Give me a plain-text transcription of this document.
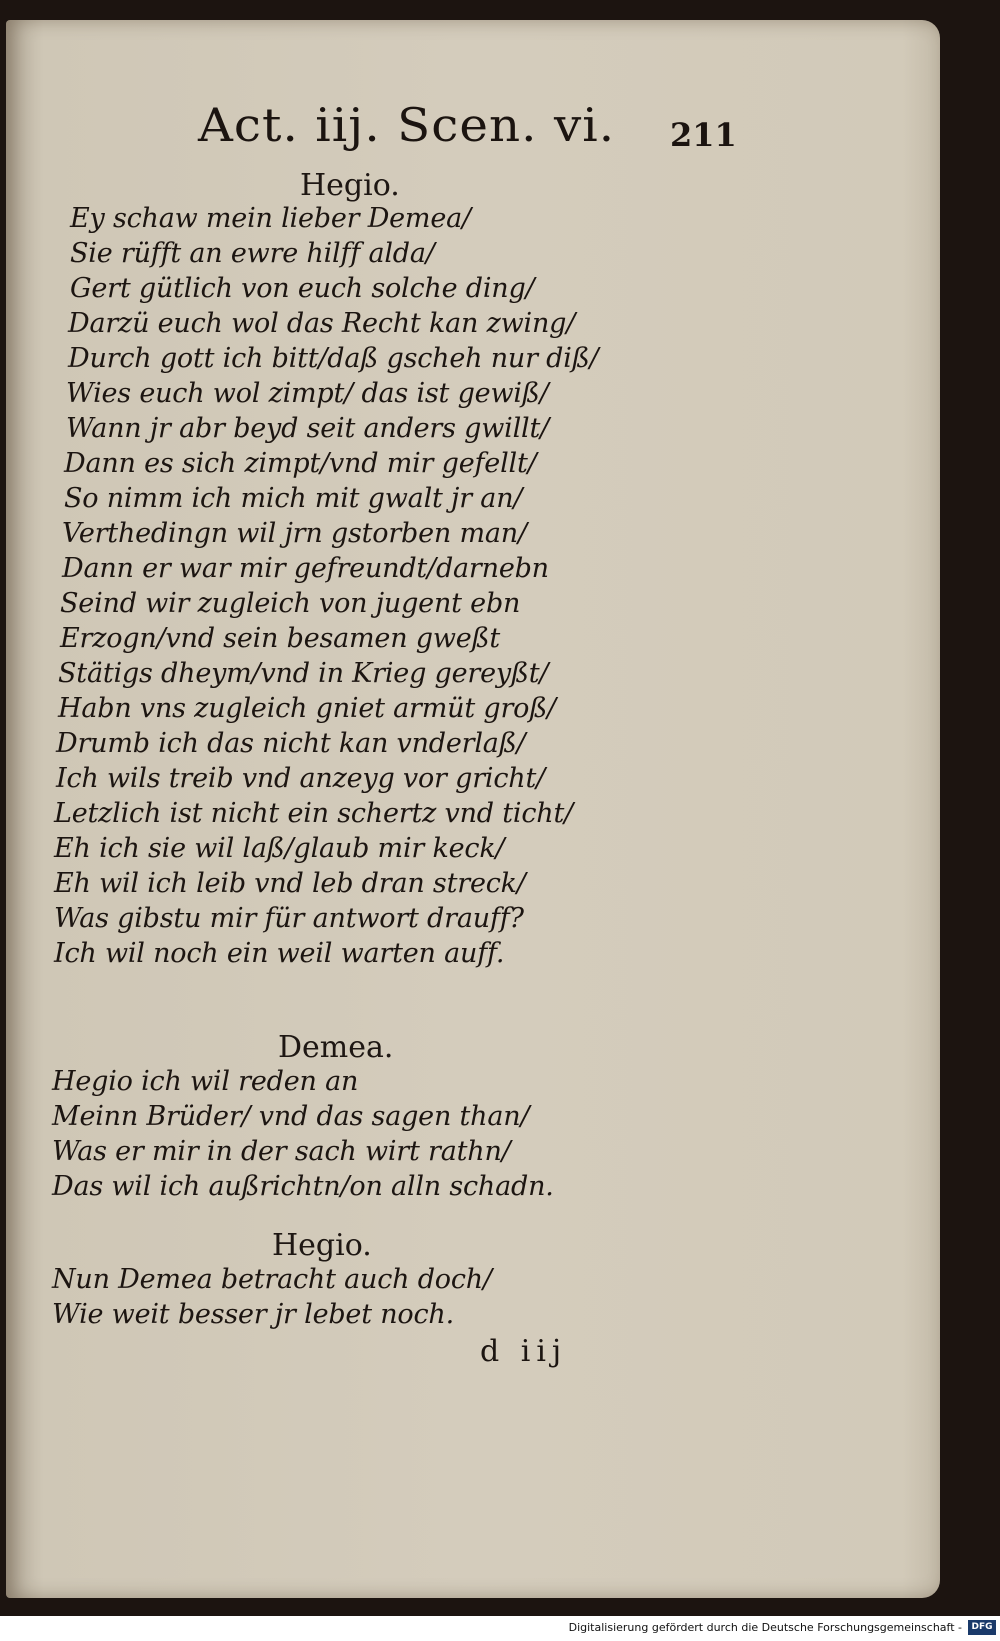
Act. iij. Scen. vi. 211
Hegio.
Ey schaw mein lieber Demea/
Sie rüfft an ewre hilff alda/
Gert gütlich von euch solche ding/
Darzü euch wol das Recht kan zwing/
Durch gott ich bitt/daß gscheh nur diß/
Wies euch wol zimpt/ das ist gewiß/
Wann jr abr beyd seit anders gwillt/
Dann es sich zimpt/vnd mir gefellt/
So nimm ich mich mit gwalt jr an/
Verthedingn wil jrn gstorben man/
Dann er war mir gefreundt/darnebn
Seind wir zugleich von jugent ebn
Erzogn/vnd sein besamen gweßt
Stätigs dheym/vnd in Krieg gereyßt/
Habn vns zugleich gniet armüt groß/
Drumb ich das nicht kan vnderlaß/
Ich wils treib vnd anzeyg vor gricht/
Letzlich ist nicht ein schertz vnd ticht/
Eh ich sie wil laß/glaub mir keck/
Eh wil ich leib vnd leb dran streck/
Was gibstu mir für antwort drauff?
Ich wil noch ein weil warten auff.
Demea.
Hegio ich wil reden an
Meinn Brüder/ vnd das sagen than/
Was er mir in der sach wirt rathn/
Das wil ich außrichtn/on alln schadn.
Hegio.
Nun Demea betracht auch doch/
Wie weit besser jr lebet noch.
d iij
Digitalisierung gefördert durch die Deutsche Forschungsgemeinschaft -	DFG
